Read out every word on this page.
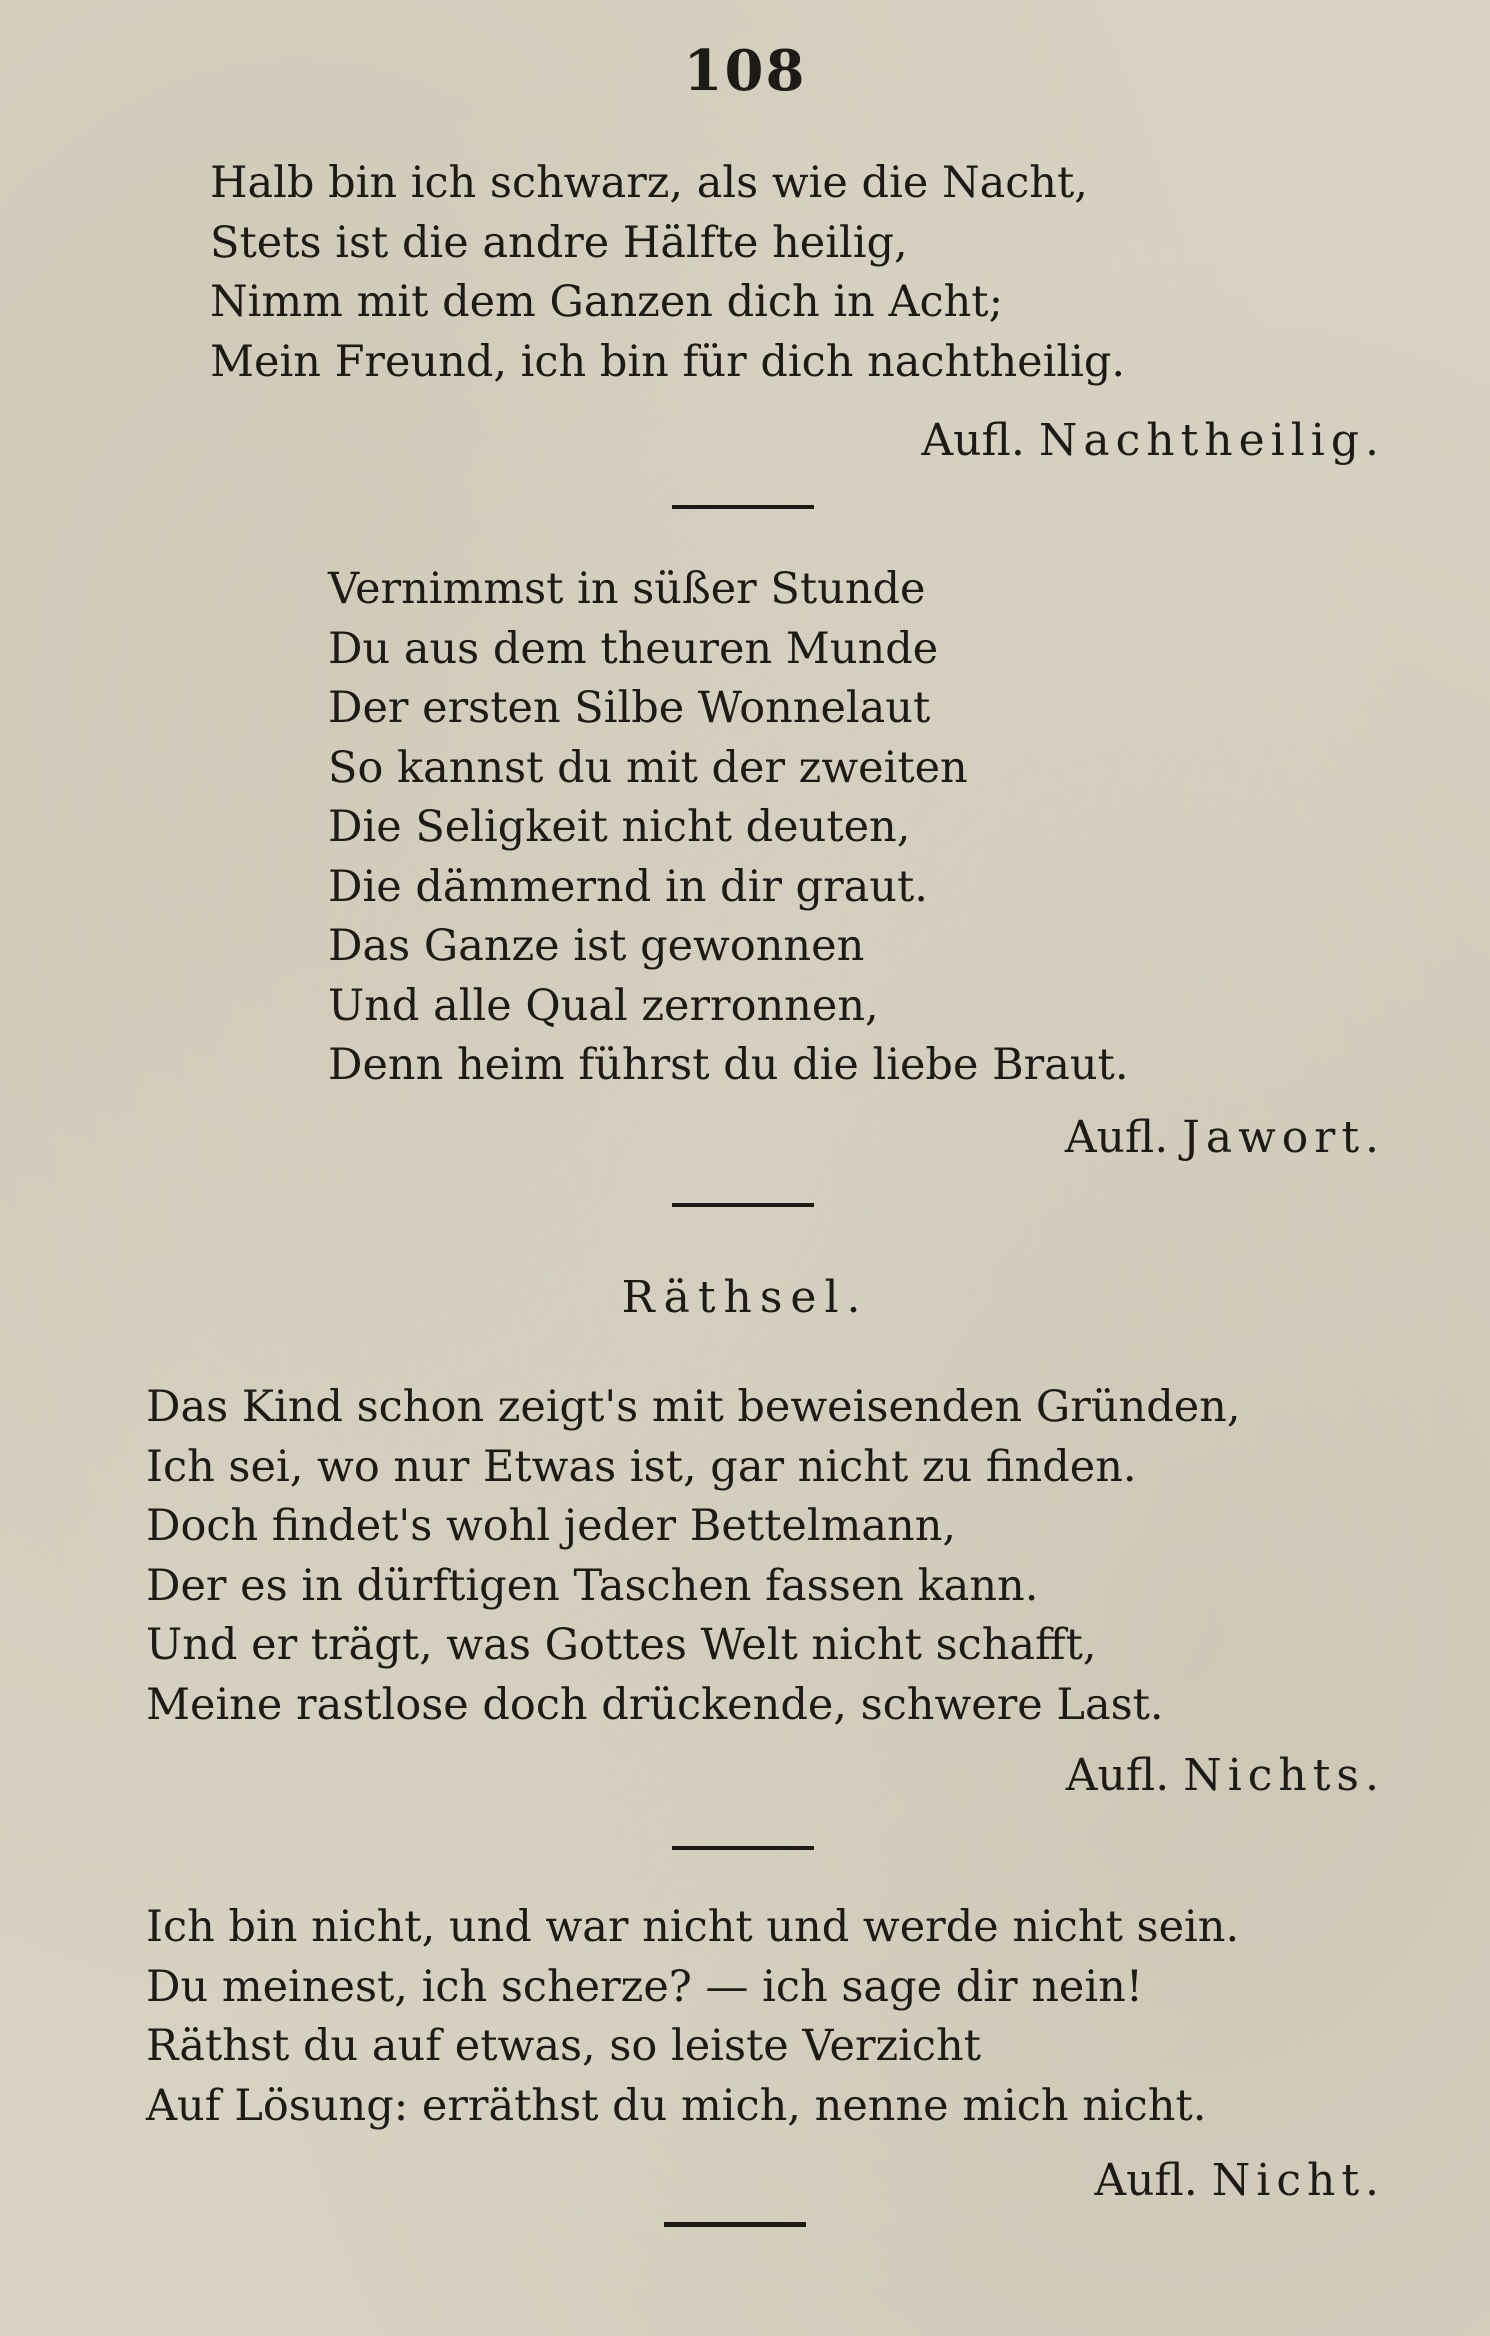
108
Halb bin ich schwarz, als wie die Nacht,
Stets ist die andre Hälfte heilig,
Nimm mit dem Ganzen dich in Acht;
Mein Freund, ich bin für dich nachtheilig.
Aufl. Nachtheilig.
Vernimmst in süßer Stunde
Du aus dem theuren Munde
Der ersten Silbe Wonnelaut
So kannst du mit der zweiten
Die Seligkeit nicht deuten,
Die dämmernd in dir graut.
Das Ganze ist gewonnen
Und alle Qual zerronnen,
Denn heim führst du die liebe Braut.
Aufl. Jawort.
Räthsel.
Das Kind schon zeigt's mit beweisenden Gründen,
Ich sei, wo nur Etwas ist, gar nicht zu finden.
Doch findet's wohl jeder Bettelmann,
Der es in dürftigen Taschen fassen kann.
Und er trägt, was Gottes Welt nicht schafft,
Meine rastlose doch drückende, schwere Last.
Aufl. Nichts.
Ich bin nicht, und war nicht und werde nicht sein.
Du meinest, ich scherze? — ich sage dir nein!
Räthst du auf etwas, so leiste Verzicht
Auf Lösung: erräthst du mich, nenne mich nicht.
Aufl. Nicht.
